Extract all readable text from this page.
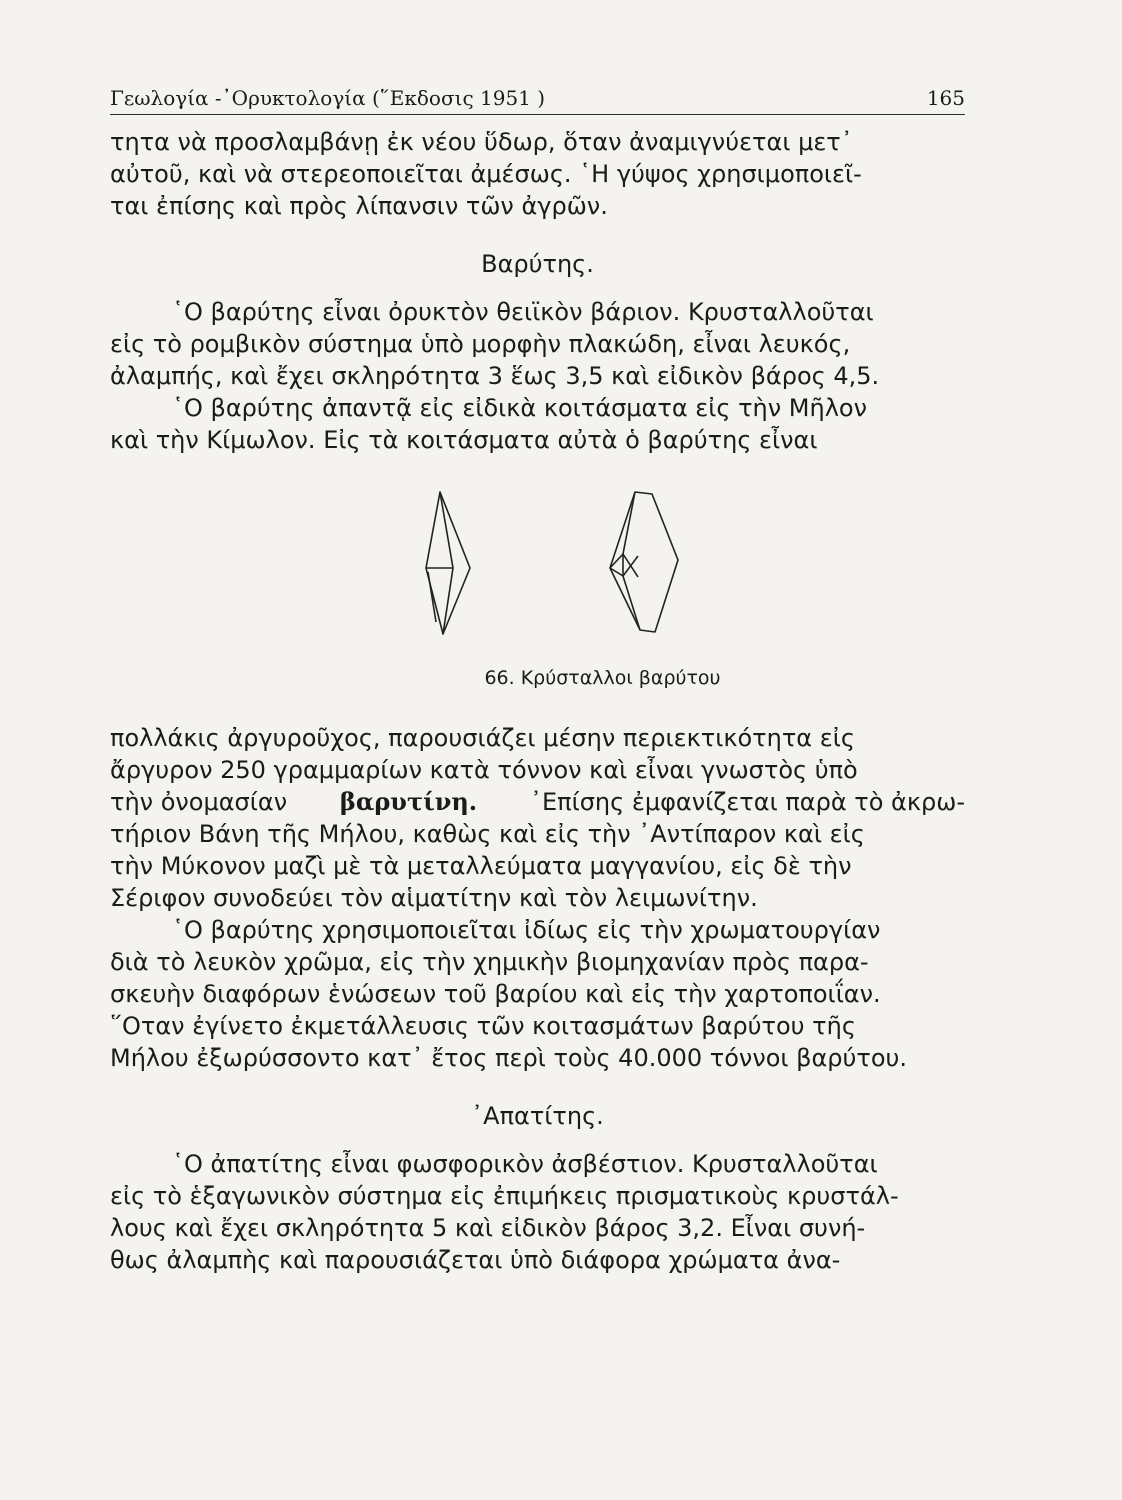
Γεωλογία -᾿Ορυκτολογία (῞Εκδοσις 1951 )	165
τητα νὰ προσλαμβάνῃ ἐκ νέου ὕδωρ, ὅταν ἀναμιγνύεται μετ᾿
αὐτοῦ, καὶ νὰ στερεοποιεῖται ἀμέσως. ῾Η γύψος χρησιμοποιεῖ-
ται ἐπίσης καὶ πρὸς λίπανσιν τῶν ἀγρῶν.
Βαρύτης.
῾Ο βαρύτης εἶναι ὀρυκτὸν θειϊκὸν βάριον. Κρυσταλλοῦται
εἰς τὸ ρομβικὸν σύστημα ὑπὸ μορφὴν πλακώδη, εἶναι λευκός,
ἀλαμπής, καὶ ἔχει σκληρότητα 3 ἕως 3,5 καὶ εἰδικὸν βάρος 4,5.
῾Ο βαρύτης ἀπαντᾷ εἰς εἰδικὰ κοιτάσματα εἰς τὴν Μῆλον
καὶ τὴν Κίμωλον. Εἰς τὰ κοιτάσματα αὐτὰ ὁ βαρύτης εἶναι
66. Κρύσταλλοι βαρύτου
πολλάκις ἀργυροῦχος, παρουσιάζει μέσην περιεκτικότητα εἰς
ἄργυρον 250 γραμμαρίων κατὰ τόννον καὶ εἶναι γνωστὸς ὑπὸ
τὴν ὀνομασίαν βαρυτίνη. ᾿Επίσης ἐμφανίζεται παρὰ τὸ ἀκρω-
τήριον Βάνη τῆς Μήλου, καθὼς καὶ εἰς τὴν ᾿Αντίπαρον καὶ εἰς
τὴν Μύκονον μαζὶ μὲ τὰ μεταλλεύματα μαγγανίου, εἰς δὲ τὴν
Σέριφον συνοδεύει τὸν αἱματίτην καὶ τὸν λειμωνίτην.
῾Ο βαρύτης χρησιμοποιεῖται ἰδίως εἰς τὴν χρωματουργίαν
διὰ τὸ λευκὸν χρῶμα, εἰς τὴν χημικὴν βιομηχανίαν πρὸς παρα-
σκευὴν διαφόρων ἑνώσεων τοῦ βαρίου καὶ εἰς τὴν χαρτοποιΐαν.
῞Οταν ἐγίνετο ἐκμετάλλευσις τῶν κοιτασμάτων βαρύτου τῆς
Μήλου ἐξωρύσσοντο κατ᾿ ἔτος περὶ τοὺς 40.000 τόννοι βαρύτου.
᾿Απατίτης.
῾Ο ἀπατίτης εἶναι φωσφορικὸν ἀσβέστιον. Κρυσταλλοῦται
εἰς τὸ ἑξαγωνικὸν σύστημα εἰς ἐπιμήκεις πρισματικοὺς κρυστάλ-
λους καὶ ἔχει σκληρότητα 5 καὶ εἰδικὸν βάρος 3,2. Εἶναι συνή-
θως ἀλαμπὴς καὶ παρουσιάζεται ὑπὸ διάφορα χρώματα ἀνα-
